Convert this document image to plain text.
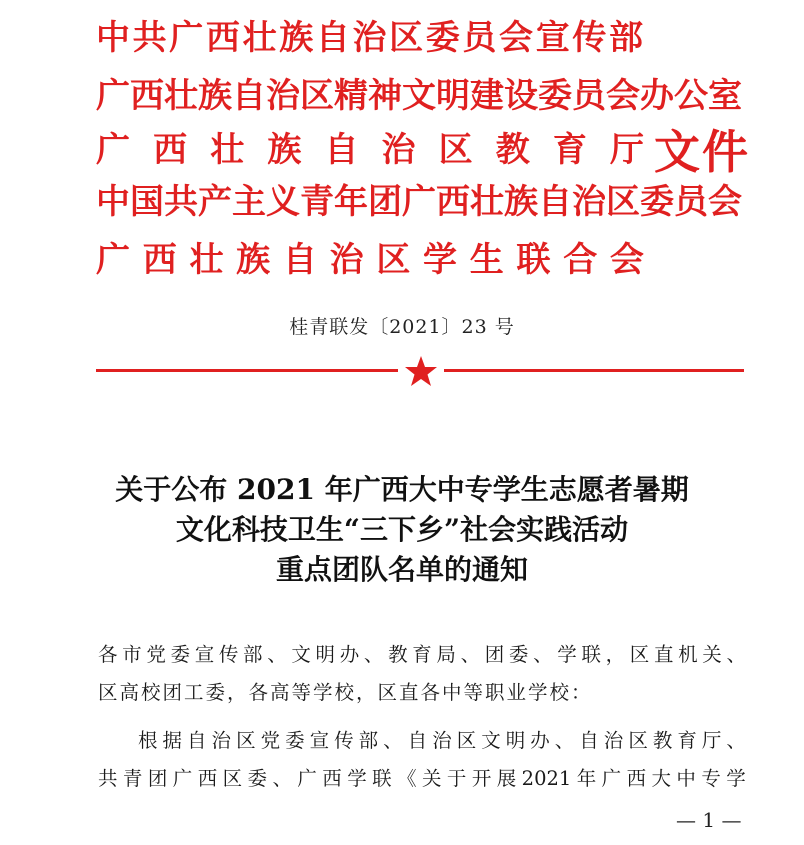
中 共 广 西 壮 族 自 治 区 委 员 会 宣 传 部
广 西 壮 族 自 治 区 精 神 文 明 建 设 委 员 会 办 公 室
广 西 壮 族 自 治 区 教 育 厅
中 国 共 产 主 义 青 年 团 广 西 壮 族 自 治 区 委 员 会
广 西 壮 族 自 治 区 学 生 联 合 会
文件
桂青联发〔2021〕23 号
关于公布 2021 年广西大中专学生志愿者暑期
文化科技卫生“三下乡”社会实践活动
重点团队名单的通知
各 市 党 委 宣 传 部 、 文 明 办 、 教 育 局 、 团 委 、 学 联 ， 区 直 机 关 、
区高校团工委，各高等学校，区直各中等职业学校：
根 据 自 治 区 党 委 宣 传 部 、 自 治 区 文 明 办 、 自 治 区 教 育 厅 、
共 青 团 广 西 区 委 、 广 西 学 联 《 关 于 开 展 2021 年 广 西 大 中 专 学
— 1 —
